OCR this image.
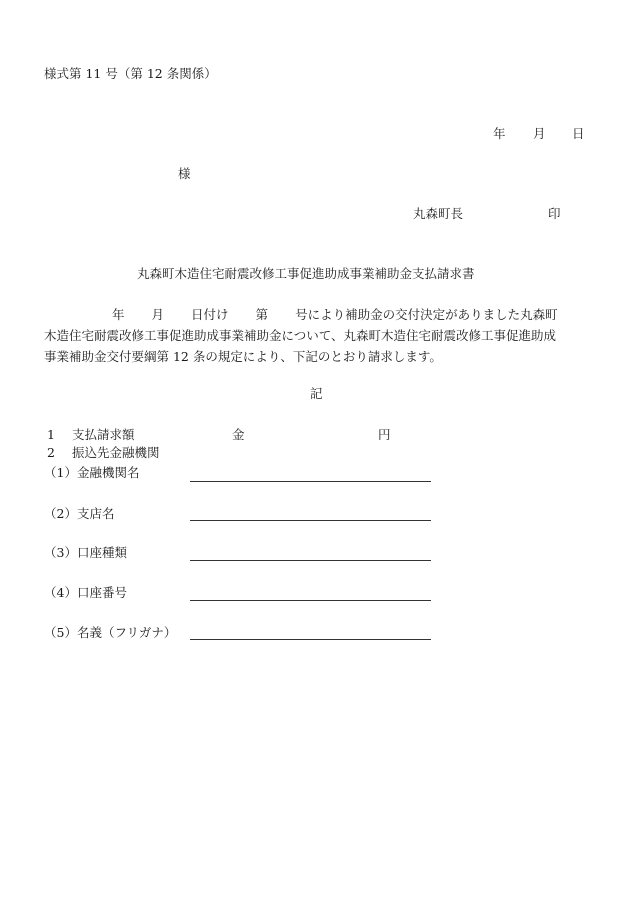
様式第 11 号（第 12 条関係）
年 月 日
様
丸森町長	印
丸森町木造住宅耐震改修工事促進助成事業補助金支払請求書
年 月 日付け 第 号により補助金の交付決定がありました丸森町
木造住宅耐震改修工事促進助成事業補助金について、丸森町木造住宅耐震改修工事促進助成
事業補助金交付要綱第 12 条の規定により、下記のとおり請求します。
記
1 支払請求額	金	円
2 振込先金融機関
（1）金融機関名
（2）支店名
（3）口座種類
（4）口座番号
（5）名義（フリガナ）
